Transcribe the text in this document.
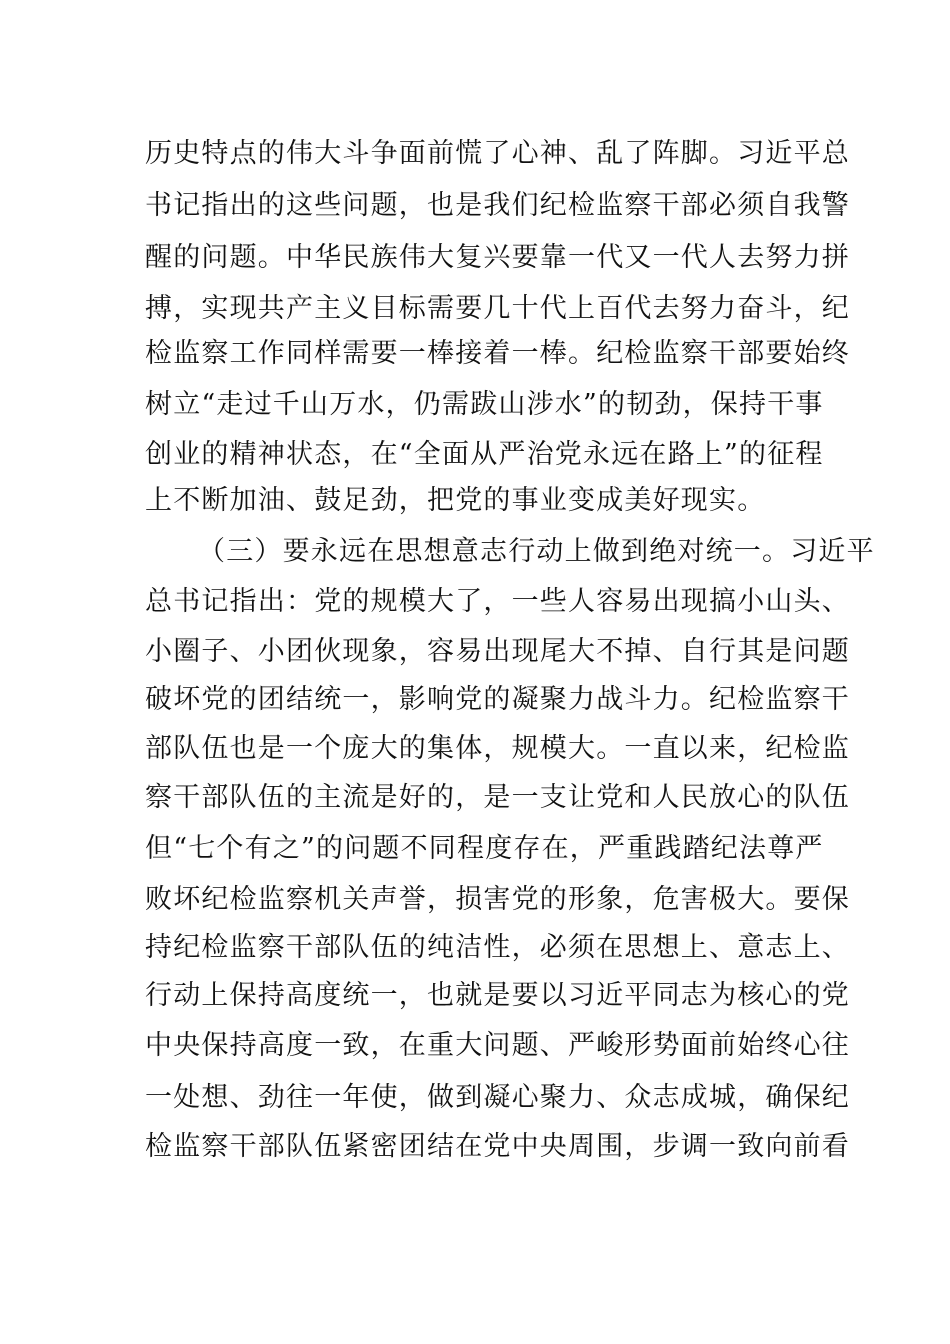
历史特点的伟大斗争面前慌了心神、乱了阵脚。习近平总
书记指出的这些问题，也是我们纪检监察干部必须自我警
醒的问题。中华民族伟大复兴要靠一代又一代人去努力拼
搏，实现共产主义目标需要几十代上百代去努力奋斗，纪
检监察工作同样需要一棒接着一棒。纪检监察干部要始终
树立“走过千山万水，仍需跋山涉水”的韧劲，保持干事
创业的精神状态，在“全面从严治党永远在路上”的征程
上不断加油、鼓足劲，把党的事业变成美好现实。
（三）要永远在思想意志行动上做到绝对统一。习近平
总书记指出：党的规模大了，一些人容易出现搞小山头、
小圈子、小团伙现象，容易出现尾大不掉、自行其是问题
破坏党的团结统一，影响党的凝聚力战斗力。纪检监察干
部队伍也是一个庞大的集体，规模大。一直以来，纪检监
察干部队伍的主流是好的，是一支让党和人民放心的队伍
但“七个有之”的问题不同程度存在，严重践踏纪法尊严
败坏纪检监察机关声誉，损害党的形象，危害极大。要保
持纪检监察干部队伍的纯洁性，必须在思想上、意志上、
行动上保持高度统一，也就是要以习近平同志为核心的党
中央保持高度一致，在重大问题、严峻形势面前始终心往
一处想、劲往一年使，做到凝心聚力、众志成城，确保纪
检监察干部队伍紧密团结在党中央周围，步调一致向前看
